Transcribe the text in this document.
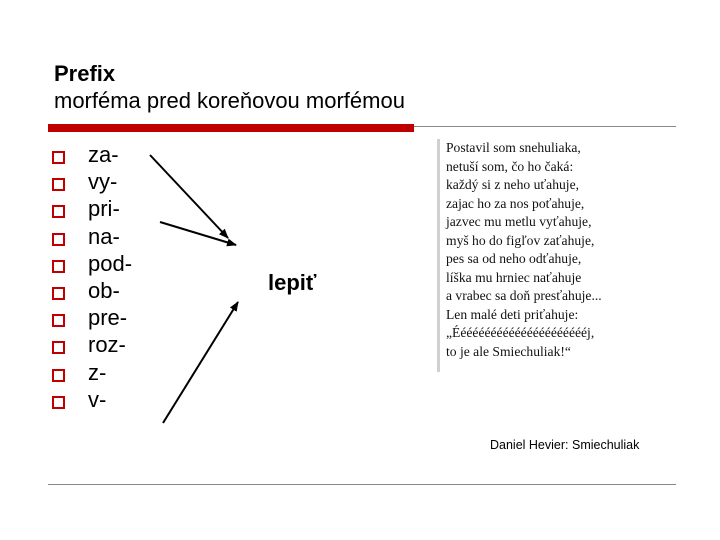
Prefix
morféma pred koreňovou morfémou
za-
vy-
pri-
na-
pod-
ob-
pre-
roz-
z-
v-
lepiť
Postavil som snehuliaka,
netuší som, čo ho čaká:
každý si z neho uťahuje,
zajac ho za nos poťahuje,
jazvec mu metlu vyťahuje,
myš ho do figľov zaťahuje,
pes sa od neho odťahuje,
líška mu hrniec naťahuje
a vrabec sa doň presťahuje...
Len malé deti priťahuje:
„Ééééééééééééééééééééééj,
to je ale Smiechuliak!“
Daniel Hevier: Smiechuliak
